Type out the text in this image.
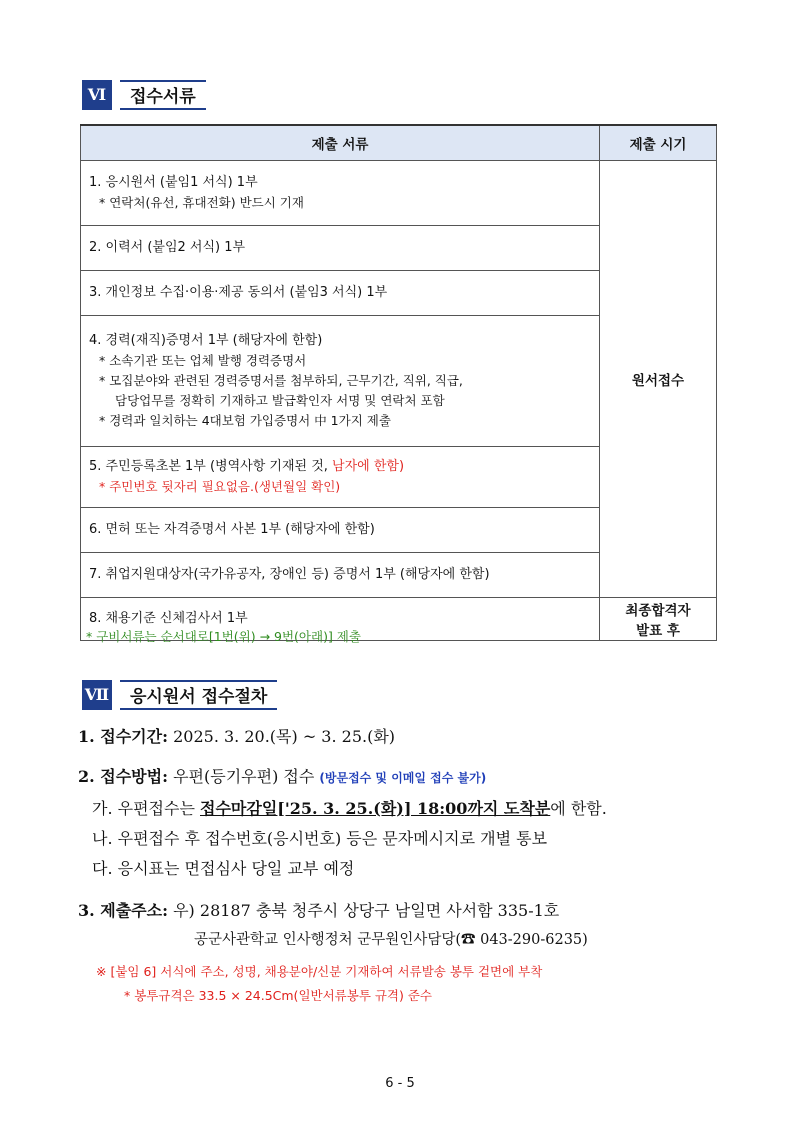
Ⅵ	접수서류
제출 서류	제출 시기

1. 응시원서 (붙임1 서식) 1부
* 연락처(유선, 휴대전화) 반드시 기재	원서접수

2. 이력서 (붙임2 서식) 1부	

3. 개인정보 수집·이용·제공 동의서 (붙임3 서식) 1부	

4. 경력(재직)증명서 1부 (해당자에 한함)
* 소속기관 또는 업체 발행 경력증명서
* 모집분야와 관련된 경력증명서를 첨부하되, 근무기간, 직위, 직급,
담당업무를 정확히 기재하고 발급확인자 서명 및 연락처 포함
* 경력과 일치하는 4대보험 가입증명서 中 1가지 제출	

5. 주민등록초본 1부 (병역사항 기재된 것, 남자에 한함)
* 주민번호 뒷자리 필요없음.(생년월일 확인)	

6. 면허 또는 자격증명서 사본 1부 (해당자에 한함)	

7. 취업지원대상자(국가유공자, 장애인 등) 증명서 1부 (해당자에 한함)	

8. 채용기준 신체검사서 1부	최종합격자
발표 후
* 구비서류는 순서대로[1번(위) → 9번(아래)] 제출
Ⅶ	응시원서 접수절차
1. 접수기간: 2025. 3. 20.(목) ~ 3. 25.(화)
2. 접수방법: 우편(등기우편) 접수 (방문접수 및 이메일 접수 불가)
가. 우편접수는 접수마감일['25. 3. 25.(화)] 18:00까지 도착분에 한함.
나. 우편접수 후 접수번호(응시번호) 등은 문자메시지로 개별 통보
다. 응시표는 면접심사 당일 교부 예정
3. 제출주소: 우) 28187 충북 청주시 상당구 남일면 사서함 335-1호
공군사관학교 인사행정처 군무원인사담당(☎ 043-290-6235)
※ [붙임 6] 서식에 주소, 성명, 채용분야/신분 기재하여 서류발송 봉투 겉면에 부착
* 봉투규격은 33.5 × 24.5Cm(일반서류봉투 규격) 준수
6 - 5
